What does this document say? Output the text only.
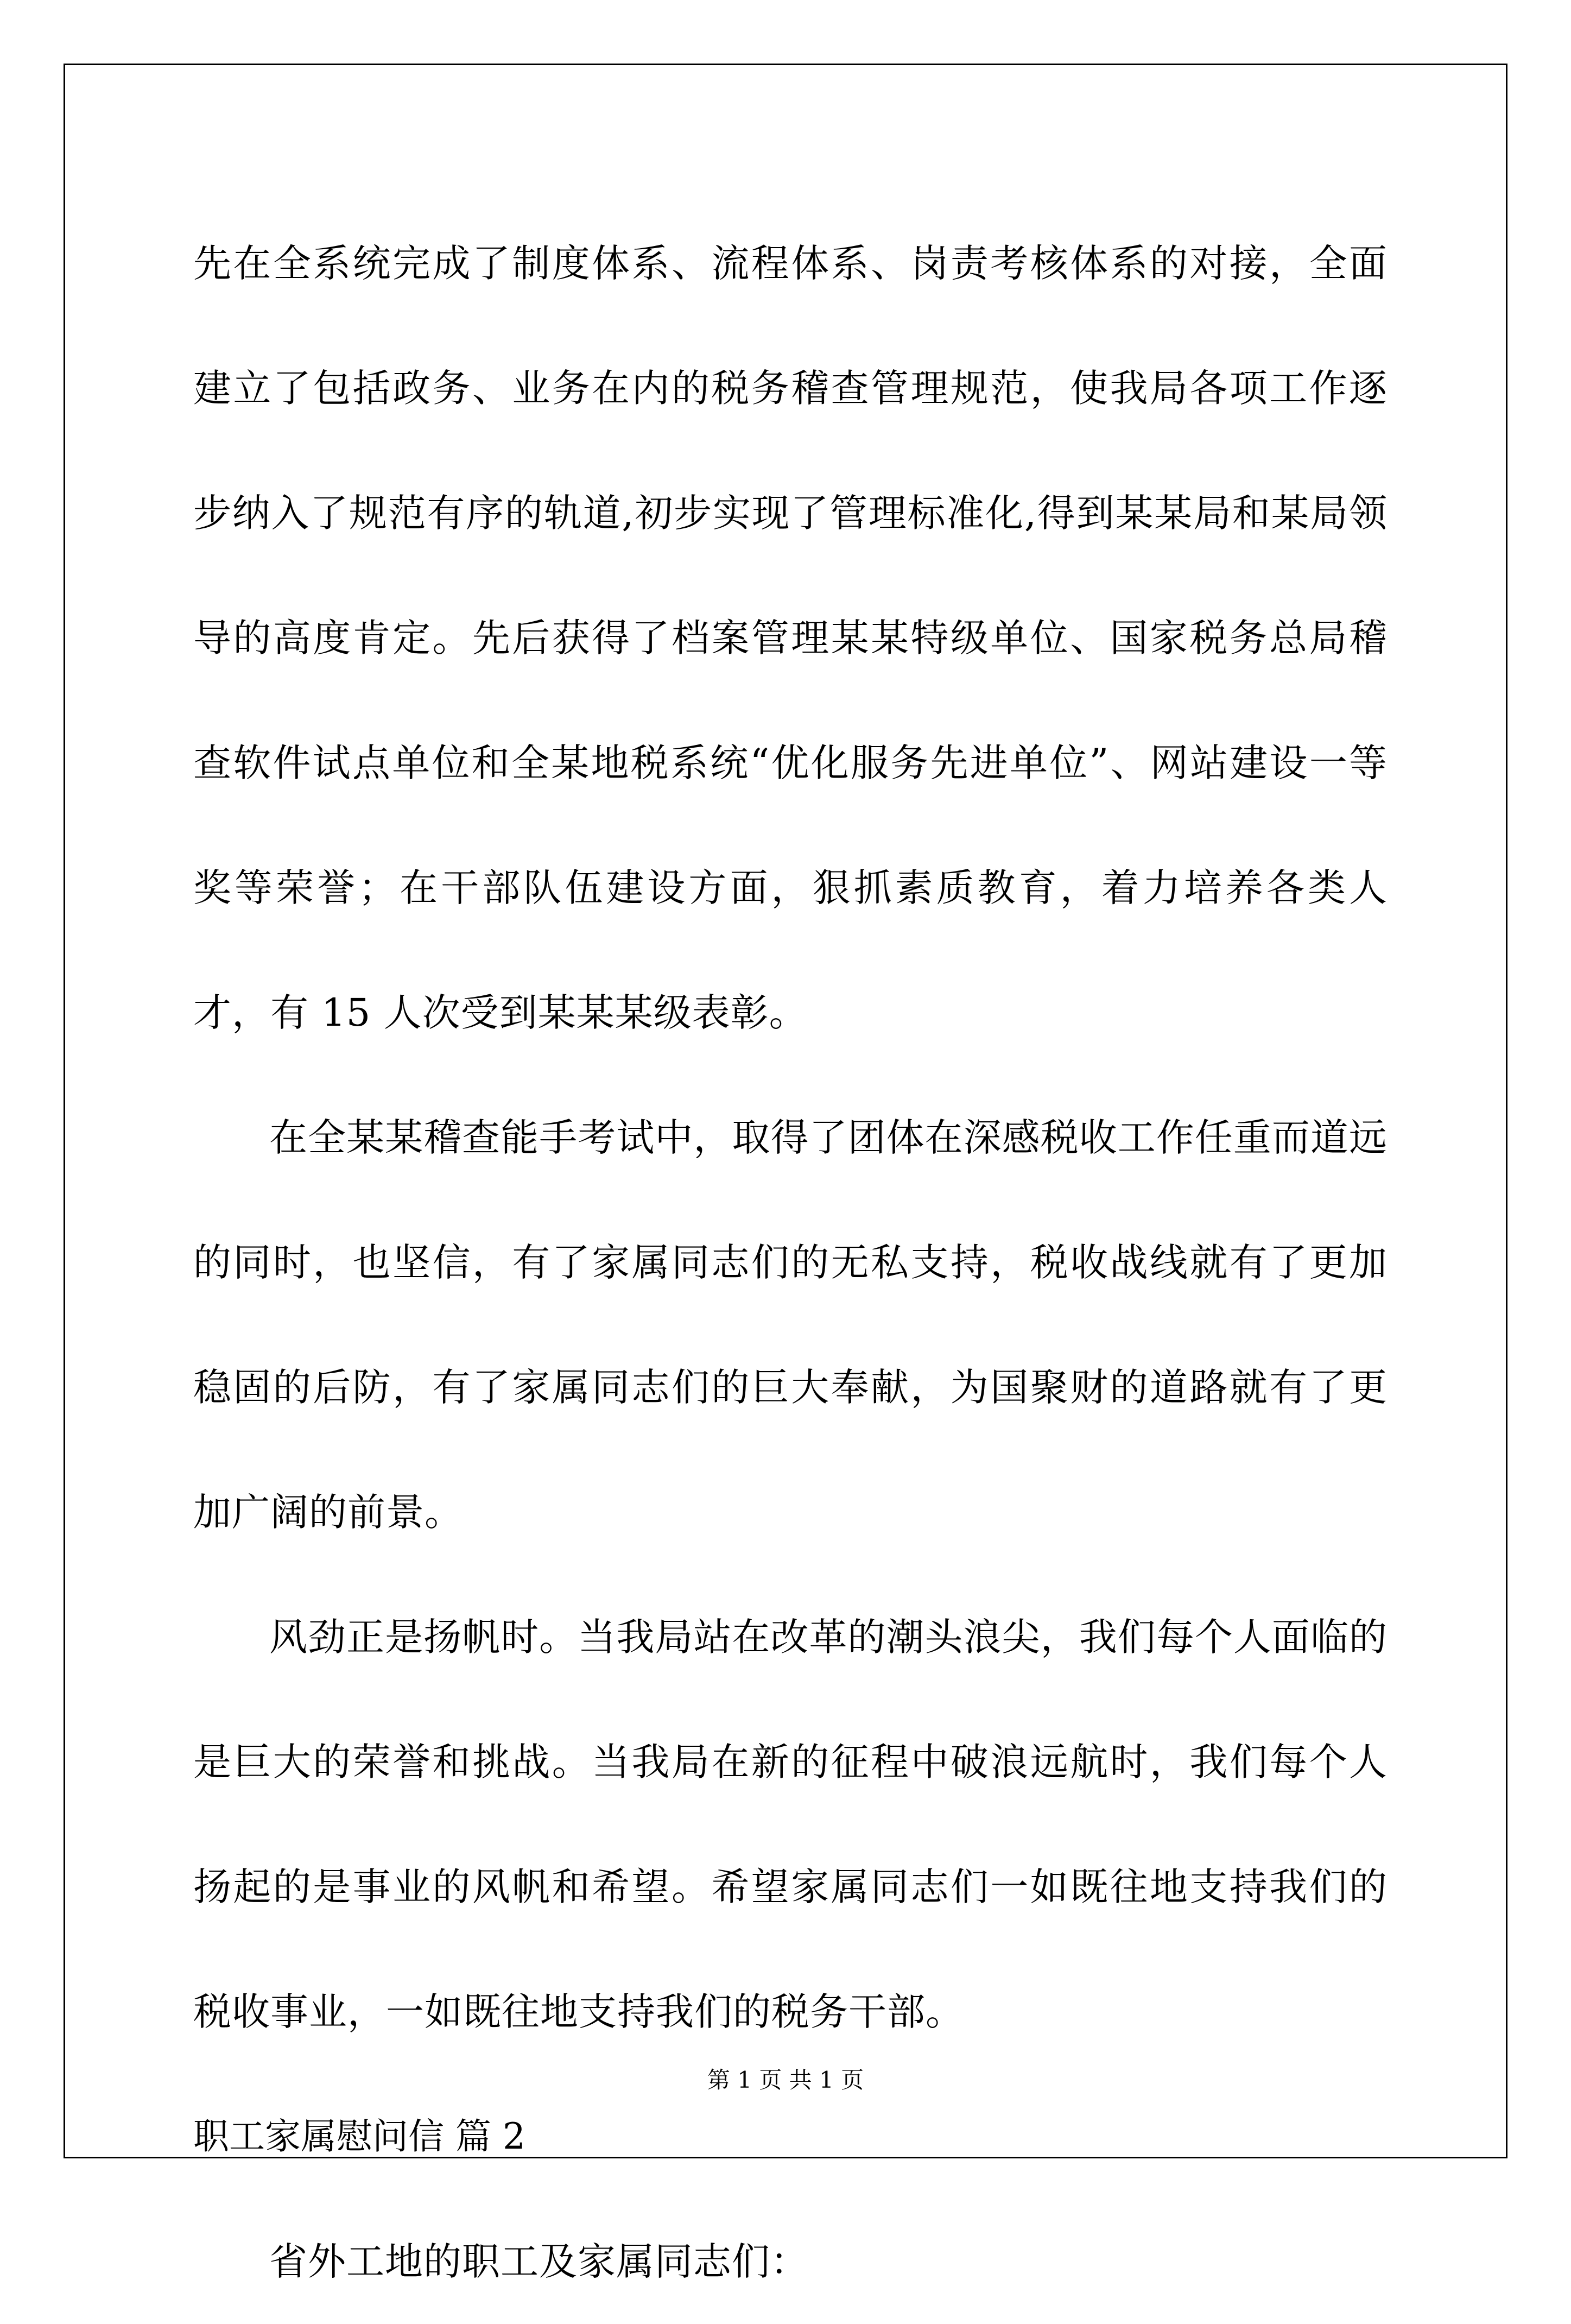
先在全系统完成了制度体系、流程体系、岗责考核体系的对接，全面建立了包括政务、业务在内的税务稽查管理规范，使我局各项工作逐步纳入了规范有序的轨道,初步实现了管理标准化,得到某某局和某局领导的高度肯定。先后获得了档案管理某某特级单位、国家税务总局稽查软件试点单位和全某地税系统“优化服务先进单位”、网站建设一等奖等荣誉；在干部队伍建设方面，狠抓素质教育，着力培养各类人才，有 15 人次受到某某某级表彰。

在全某某稽查能手考试中，取得了团体在深感税收工作任重而道远的同时，也坚信，有了家属同志们的无私支持，税收战线就有了更加稳固的后防，有了家属同志们的巨大奉献，为国聚财的道路就有了更加广阔的前景。

风劲正是扬帆时。当我局站在改革的潮头浪尖，我们每个人面临的是巨大的荣誉和挑战。当我局在新的征程中破浪远航时，我们每个人扬起的是事业的风帆和希望。希望家属同志们一如既往地支持我们的税收事业，一如既往地支持我们的税务干部。

职工家属慰问信 篇 2

省外工地的职工及家属同志们：

第 1 页 共 1 页
